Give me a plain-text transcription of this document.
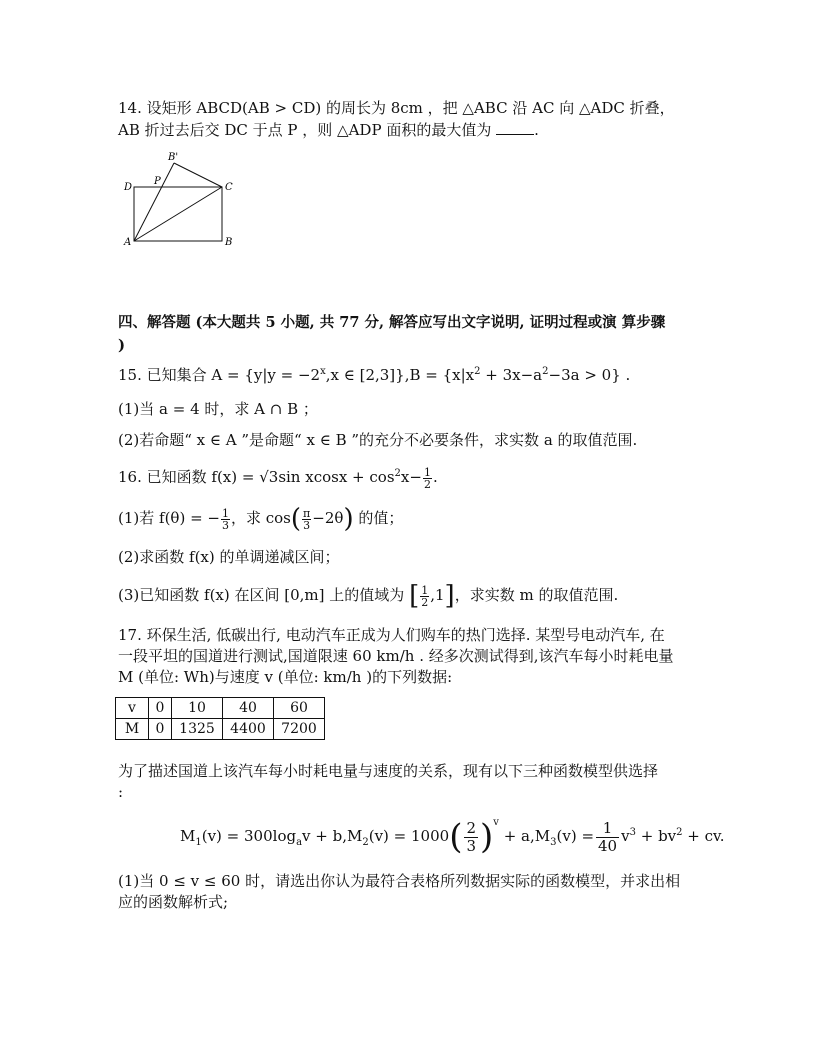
14. 设矩形 ABCD(AB > CD) 的周长为 8cm ，把 △ABC 沿 AC 向 △ADC 折叠，
AB 折过去后交 DC 于点 P ，则 △ADP 面积的最大值为	.
B'
D
P
C
A	B
四、解答题 (本大题共 5 小题, 共 77 分, 解答应写出文字说明, 证明过程或演 算步骤
)
15. 已知集合 $A = \{y|y = -2^x,x$ ∈ $[2,3]\},B = \{x|x^2 + 3x-a^2-3a > 0\}$ .
(1)当 a = 4 时，求 A ∩ B ；
(2)若命题“ x ∈ A ”是命题“ x ∈ B ”的充分不必要条件，求实数 a 的取值范围.
16. 已知函数 f(x) = √3sin $xcosx + \cos^2x- \frac{1}{2}$ .
(1)若 f(θ) = − $\frac{1}{3}$ ，求 $\cos( \frac{\pi}{3} -2\theta)$ 的值；
(2)求函数 f(x) 的单调递减区间；
(3)已知函数 f(x) 在区间 [0,m] 上的值域为 [ $\frac{1}{2} ,1$]，求实数 m 的取值范围.
17. 环保生活, 低碳出行, 电动汽车正成为人们购车的热门选择. 某型号电动汽车, 在
一段平坦的国道进行测试,国道限速 60 km/h . 经多次测试得到,该汽车每小时耗电量
M (单位: Wh)与速度 v (单位: km/h )的下列数据:
v	0	10	40	60
M	0	1325	4400	7200
为了描述国道上该汽车每小时耗电量与速度的关系，现有以下三种函数模型供选择
:
$M_1(v) = 300\log_av + b,M_2(v) = 1000( \frac{2}{3} )^v + a,M_3(v) = \frac{1}{40} v^3 + bv^2$ + cv.
(1)当 0 ≤ v ≤ 60 时，请选出你认为最符合表格所列数据实际的函数模型，并求出相
应的函数解析式;
